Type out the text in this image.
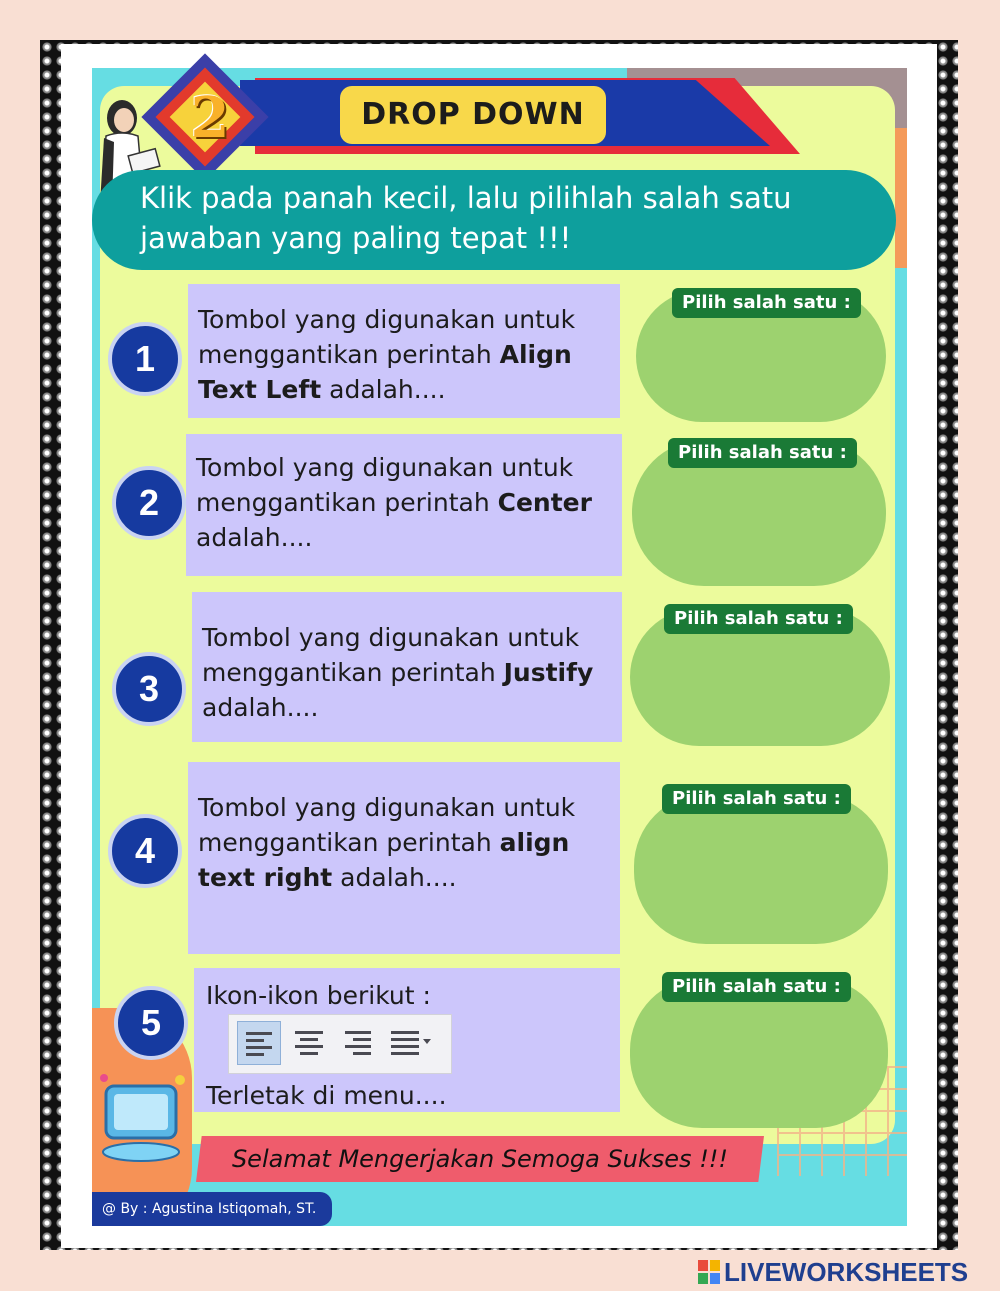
2	DROP DOWN
Klik pada panah kecil, lalu pilihlah salah satu
jawaban yang paling tepat !!!
1
Tombol yang digunakan untuk menggantikan perintah Align Text Left adalah....
Pilih salah satu :
2
Tombol yang digunakan untuk menggantikan perintah Center adalah....
Pilih salah satu :
3
Tombol yang digunakan untuk menggantikan perintah Justify adalah....
Pilih salah satu :
4
Tombol yang digunakan untuk menggantikan perintah align text right adalah....
Pilih salah satu :
5
Ikon-ikon berikut :
Terletak di menu....
Pilih salah satu :
Selamat Mengerjakan Semoga Sukses !!!
@ By : Agustina Istiqomah, ST.
LIVEWORKSHEETS
